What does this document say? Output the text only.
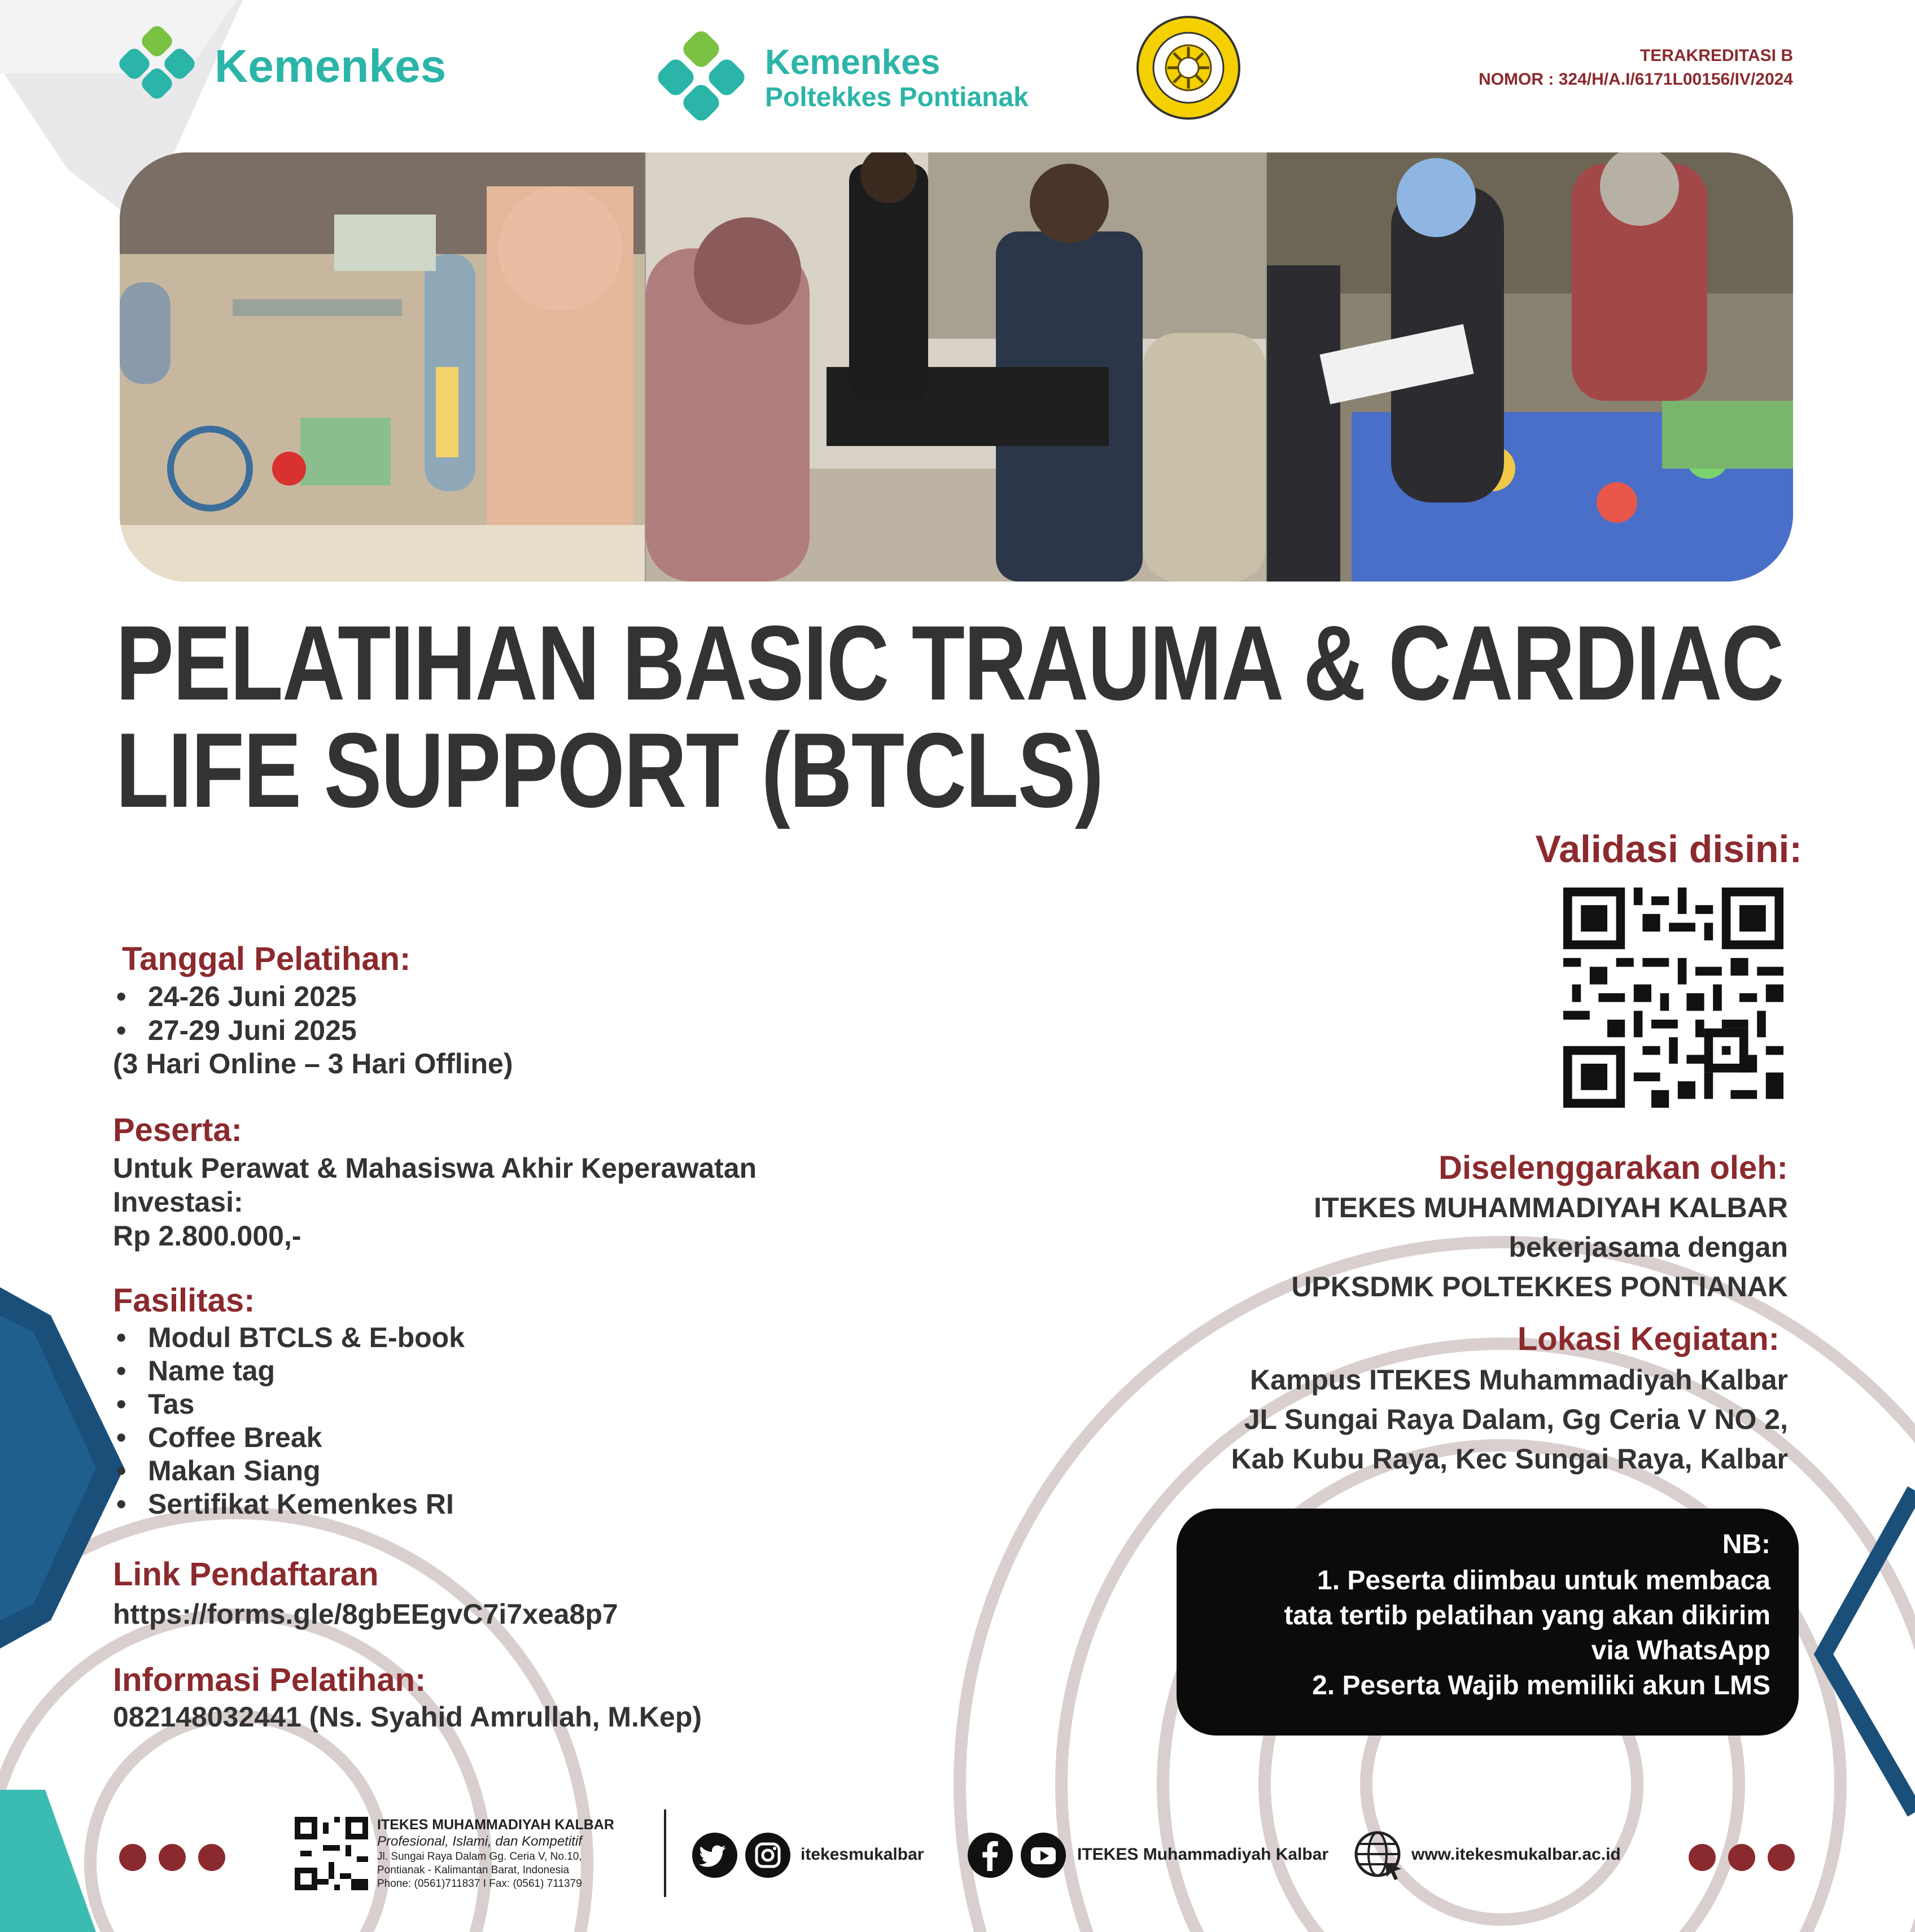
Kemenkes	Kemenkes
Poltekkes Pontianak
TERAKREDITASI B
NOMOR : 324/H/A.I/6171L00156/IV/2024
PELATIHAN BASIC TRAUMA & CARDIAC
LIFE SUPPORT (BTCLS)
Validasi disini:
Tanggal Pelatihan:
• 24-26 Juni 2025
• 27-29 Juni 2025
(3 Hari Online – 3 Hari Offline)
Peserta:
Untuk Perawat & Mahasiswa Akhir Keperawatan
Investasi:
Rp 2.800.000,-
Fasilitas:
• Modul BTCLS & E-book
• Name tag
• Tas
• Coffee Break
• Makan Siang
• Sertifikat Kemenkes RI
Link Pendaftaran
https://forms.gle/8gbEEgvC7i7xea8p7
Informasi Pelatihan:
082148032441 (Ns. Syahid Amrullah, M.Kep)
Diselenggarakan oleh:
ITEKES MUHAMMADIYAH KALBAR
bekerjasama dengan
UPKSDMK POLTEKKES PONTIANAK
Lokasi Kegiatan:
Kampus ITEKES Muhammadiyah Kalbar
JL Sungai Raya Dalam, Gg Ceria V NO 2,
Kab Kubu Raya, Kec Sungai Raya, Kalbar
NB:
1. Peserta diimbau untuk membaca
tata tertib pelatihan yang akan dikirim
via WhatsApp
2. Peserta Wajib memiliki akun LMS
ITEKES MUHAMMADIYAH KALBAR
Profesional, Islami, dan Kompetitif
Jl. Sungai Raya Dalam Gg. Ceria V, No.10,
Pontianak - Kalimantan Barat, Indonesia
Phone: (0561)711837 I Fax: (0561) 711379
itekesmukalbar	ITEKES Muhammadiyah Kalbar	www.itekesmukalbar.ac.id
